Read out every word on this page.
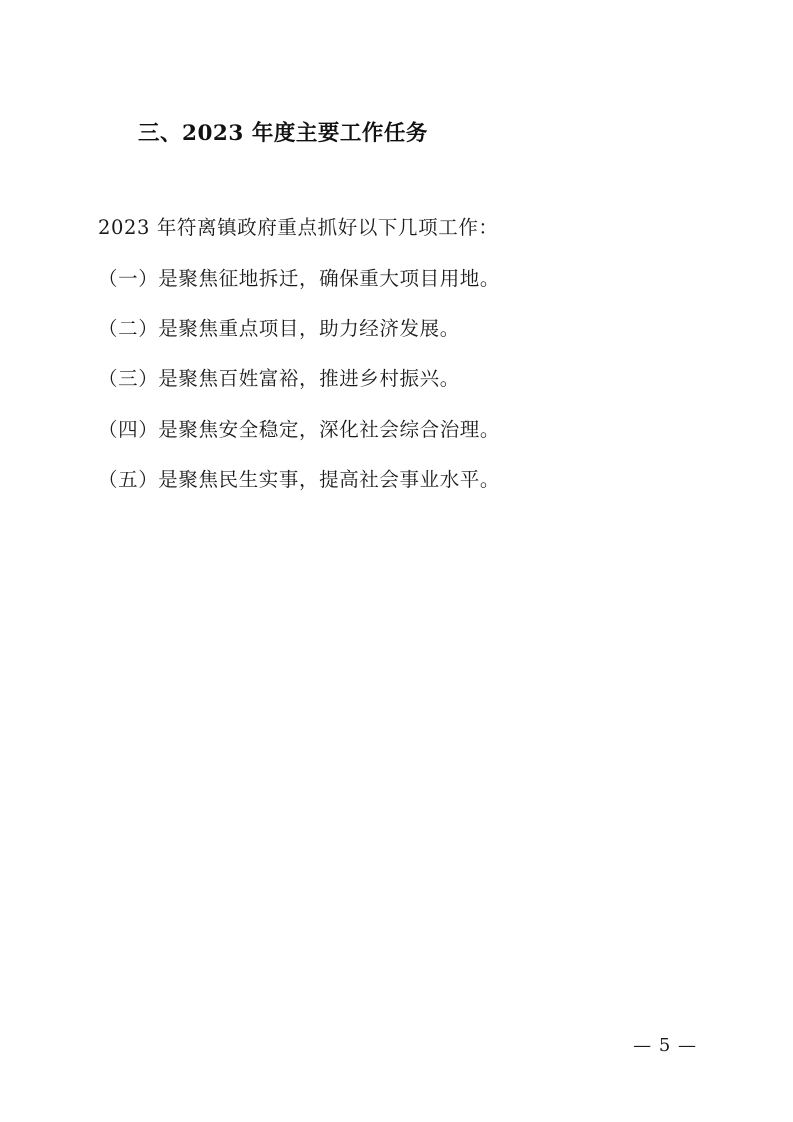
三、2023 年度主要工作任务

2023 年符离镇政府重点抓好以下几项工作：

（一）是聚焦征地拆迁，确保重大项目用地。
（二）是聚焦重点项目，助力经济发展。
（三）是聚焦百姓富裕，推进乡村振兴。
（四）是聚焦安全稳定，深化社会综合治理。
（五）是聚焦民生实事，提高社会事业水平。
— 5 —
